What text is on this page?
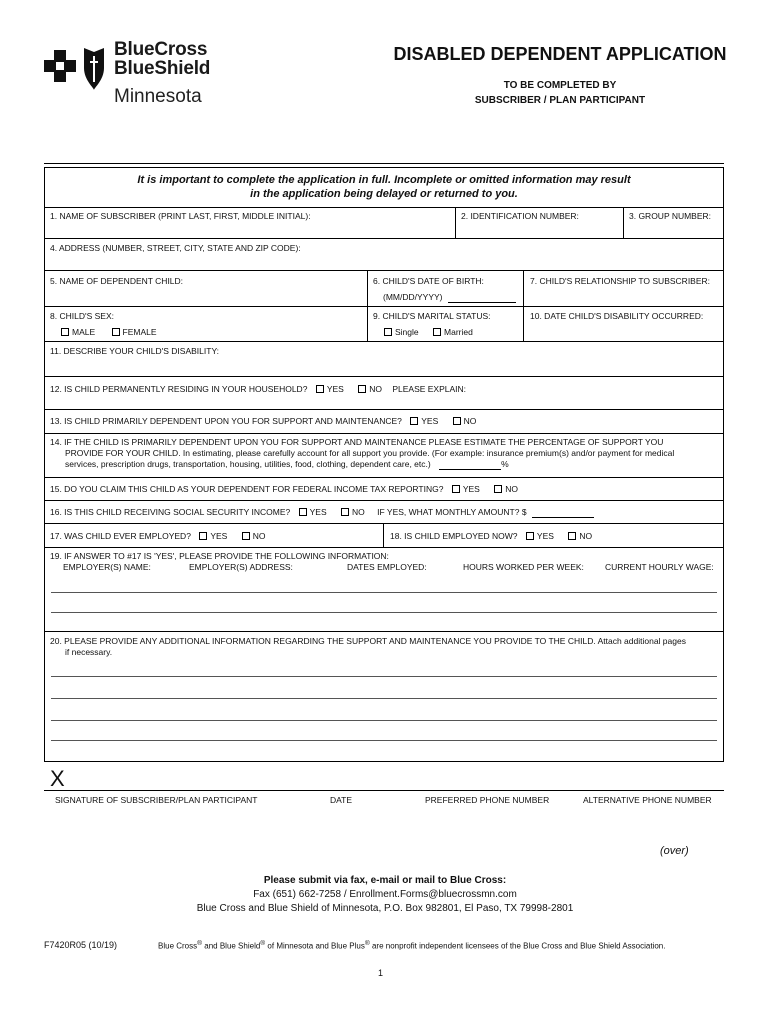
BlueCross
BlueShield
Minnesota
DISABLED DEPENDENT APPLICATION
TO BE COMPLETED BY
SUBSCRIBER / PLAN PARTICIPANT
It is important to complete the application in full. Incomplete or omitted information may result
in the application being delayed or returned to you.
1. NAME OF SUBSCRIBER (PRINT LAST, FIRST, MIDDLE INITIAL):	2. IDENTIFICATION NUMBER:	3. GROUP NUMBER:
4. ADDRESS (NUMBER, STREET, CITY, STATE AND ZIP CODE):
5. NAME OF DEPENDENT CHILD:	6. CHILD'S DATE OF BIRTH:
(MM/DD/YYYY)
7. CHILD'S RELATIONSHIP TO SUBSCRIBER:
8. CHILD'S SEX:
MALE	FEMALE
9. CHILD'S MARITAL STATUS:
Single	Married
10. DATE CHILD'S DISABILITY OCCURRED:
11. DESCRIBE YOUR CHILD'S DISABILITY:
12. IS CHILD PERMANENTLY RESIDING IN YOUR HOUSEHOLD? YES	NO PLEASE EXPLAIN:
13. IS CHILD PRIMARILY DEPENDENT UPON YOU FOR SUPPORT AND MAINTENANCE? YES	NO
14. IF THE CHILD IS PRIMARILY DEPENDENT UPON YOU FOR SUPPORT AND MAINTENANCE PLEASE ESTIMATE THE PERCENTAGE OF SUPPORT YOU
PROVIDE FOR YOUR CHILD. In estimating, please carefully account for all support you provide. (For example: insurance premium(s) and/or payment for medical
services, prescription drugs, transportation, housing, utilities, food, clothing, dependent care, etc.)	%
15. DO YOU CLAIM THIS CHILD AS YOUR DEPENDENT FOR FEDERAL INCOME TAX REPORTING? YES	NO
16. IS THIS CHILD RECEIVING SOCIAL SECURITY INCOME? YES	NO IF YES, WHAT MONTHLY AMOUNT? $
17. WAS CHILD EVER EMPLOYED? YES	NO	18. IS CHILD EMPLOYED NOW? YES	NO
19. IF ANSWER TO #17 IS 'YES', PLEASE PROVIDE THE FOLLOWING INFORMATION:
EMPLOYER(S) NAME:	EMPLOYER(S) ADDRESS:	DATES EMPLOYED:	HOURS WORKED PER WEEK: CURRENT HOURLY WAGE:
20. PLEASE PROVIDE ANY ADDITIONAL INFORMATION REGARDING THE SUPPORT AND MAINTENANCE YOU PROVIDE TO THE CHILD. Attach additional pages
if necessary.
X
SIGNATURE OF SUBSCRIBER/PLAN PARTICIPANT	DATE	PREFERRED PHONE NUMBER	ALTERNATIVE PHONE NUMBER
(over)
Please submit via fax, e-mail or mail to Blue Cross:
Fax (651) 662-7258 / Enrollment.Forms@bluecrossmn.com
Blue Cross and Blue Shield of Minnesota, P.O. Box 982801, El Paso, TX 79998-2801
F7420R05 (10/19)	Blue Cross® and Blue Shield® of Minnesota and Blue Plus® are nonprofit independent licensees of the Blue Cross and Blue Shield Association.
1
